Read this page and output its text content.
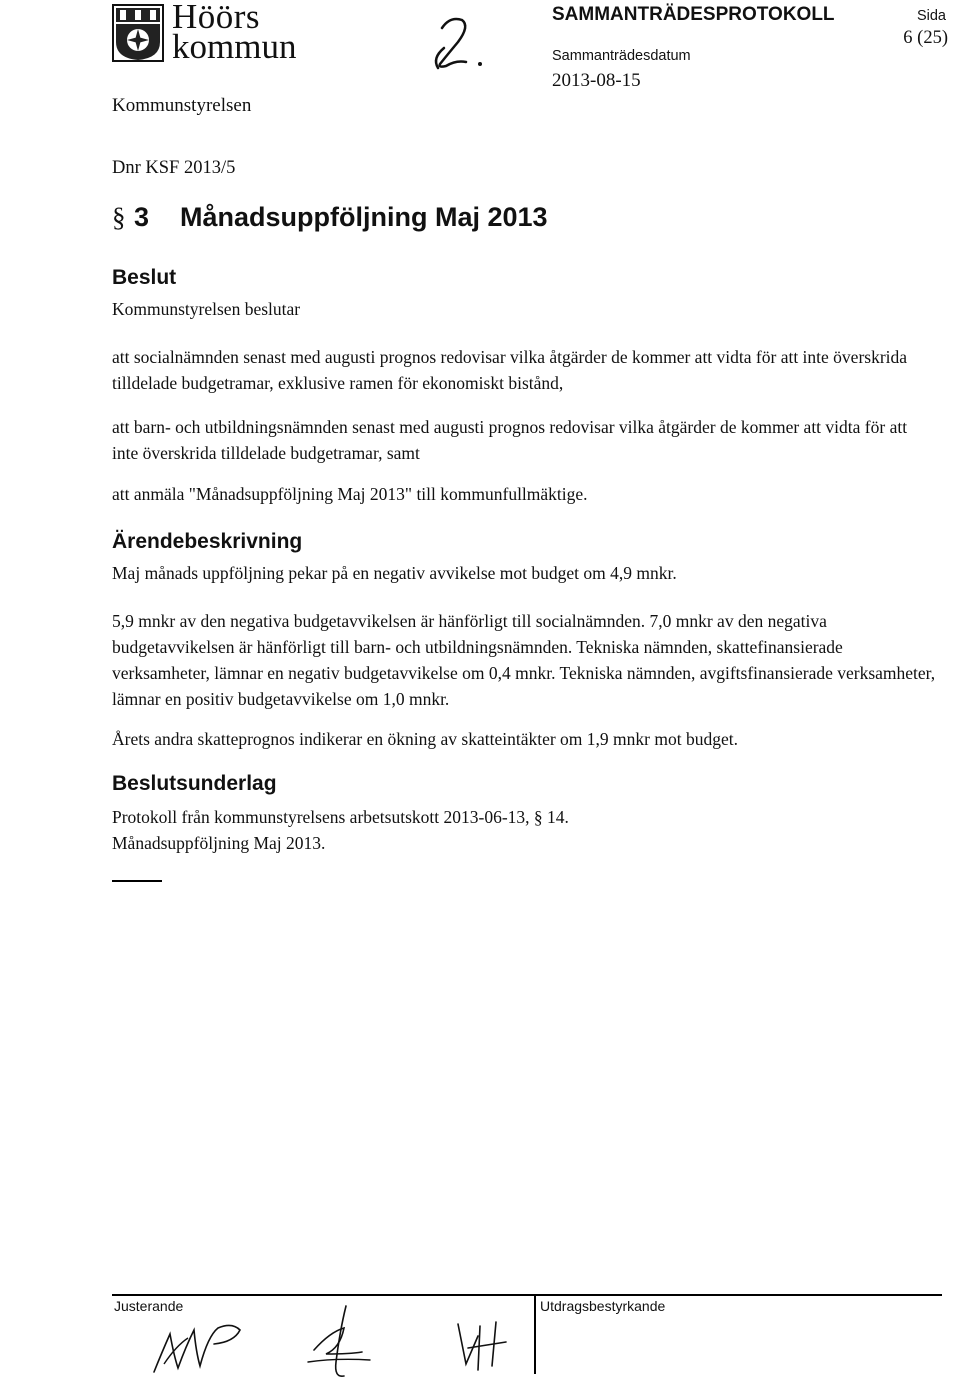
Höörs
kommun
Kommunstyrelsen
SAMMANTRÄDESPROTOKOLL
Sammanträdesdatum
2013-08-15
Sida
6 (25)
Dnr KSF 2013/5
§ 3	Månadsuppföljning Maj 2013
Beslut
Kommunstyrelsen beslutar
att socialnämnden senast med augusti prognos redovisar vilka åtgärder de kommer att vidta för att inte överskrida tilldelade budgetramar, exklusive ramen för ekonomiskt bistånd,
att barn- och utbildningsnämnden senast med augusti prognos redovisar vilka åtgärder de kommer att vidta för att inte överskrida tilldelade budgetramar, samt
att anmäla "Månadsuppföljning Maj 2013" till kommunfullmäktige.
Ärendebeskrivning
Maj månads uppföljning pekar på en negativ avvikelse mot budget om 4,9 mnkr.
5,9 mnkr av den negativa budgetavvikelsen är hänförligt till socialnämnden. 7,0 mnkr av den negativa budgetavvikelsen är hänförligt till barn- och utbildningsnämnden. Tekniska nämnden, skattefinansierade verksamheter, lämnar en negativ budgetavvikelse om 0,4 mnkr. Tekniska nämnden, avgiftsfinansierade verksamheter, lämnar en positiv budgetavvikelse om 1,0 mnkr.
Årets andra skatteprognos indikerar en ökning av skatteintäkter om 1,9 mnkr mot budget.
Beslutsunderlag
Protokoll från kommunstyrelsens arbetsutskott 2013-06-13, § 14.
Månadsuppföljning Maj 2013.
Justerande	Utdragsbestyrkande
